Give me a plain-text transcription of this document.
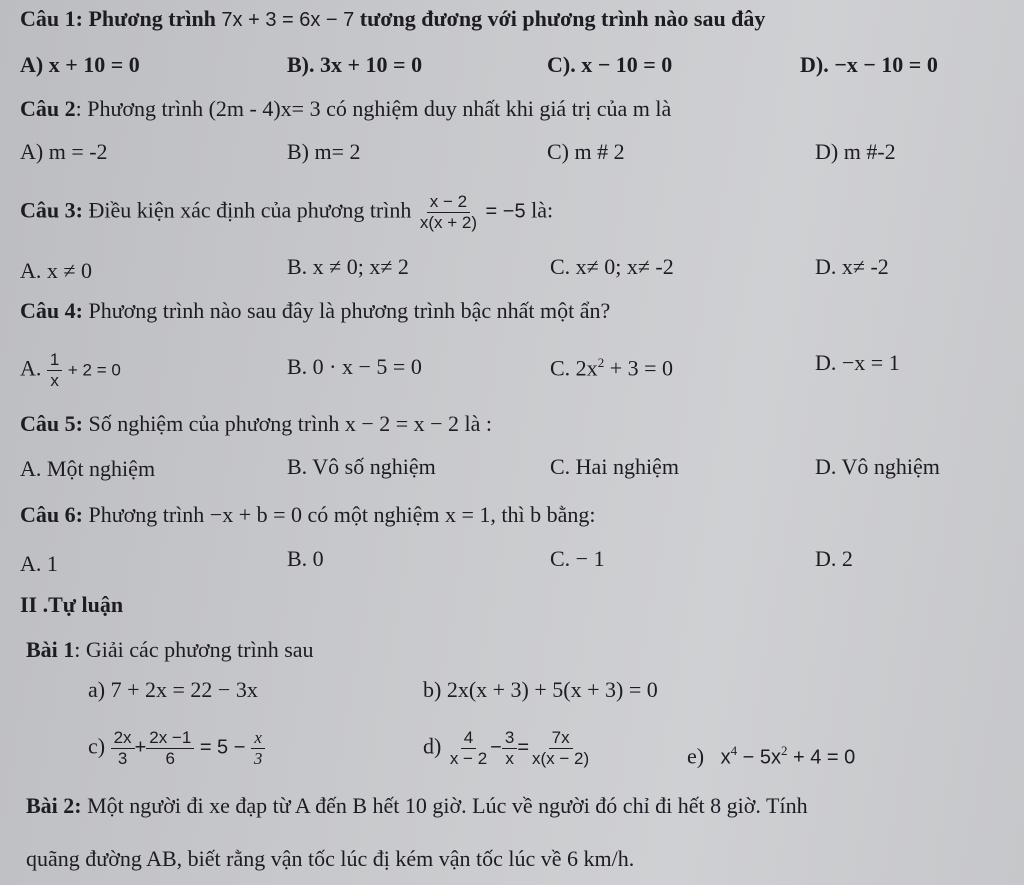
Câu 1: Phương trình 7x + 3 = 6x − 7 tương đương với phương trình nào sau đây
A) x + 10 = 0	B). 3x + 10 = 0	C). x − 10 = 0	D). −x − 10 = 0
Câu 2: Phương trình (2m - 4)x= 3 có nghiệm duy nhất khi giá trị của m là
A) m = -2	B) m= 2	C) m # 2	D) m #-2
Câu 3: Điều kiện xác định của phương trình $\frac{x - 2}{x(x + 2)} = -5$ là:
A. x ≠ 0	B. x ≠ 0; x≠ 2	C. x≠ 0; x≠ -2	D. x≠ -2
Câu 4: Phương trình nào sau đây là phương trình bậc nhất một ẩn?
A. $\frac{1}{x} + 2 = 0$	B. 0 · x − 5 = 0	C. $2x^2 + 3 = 0$	D. −x = 1
Câu 5: Số nghiệm của phương trình x − 2 = x − 2 là :
A. Một nghiệm	B. Vô số nghiệm	C. Hai nghiệm	D. Vô nghiệm
Câu 6: Phương trình −x + b = 0 có một nghiệm x = 1, thì b bằng:
A. 1	B. 0	C. − 1	D. 2
II .Tự luận
Bài 1: Giải các phương trình sau
a) 7 + 2x = 22 − 3x	b) 2x(x + 3) + 5(x + 3) = 0
$c) \frac{2x}{3} + \frac{2x -1}{6} = 5 - \frac{x}{3}$	$d) \frac{4}{x - 2} - \frac{3}{x} = \frac{7x}{x(x - 2)}$	e) $x^4 - 5x^2 + 4 = 0$
Bài 2: Một người đi xe đạp từ A đến B hết 10 giờ. Lúc về người đó chỉ đi hết 8 giờ. Tính
quãng đường AB, biết rằng vận tốc lúc đị kém vận tốc lúc về 6 km/h.
